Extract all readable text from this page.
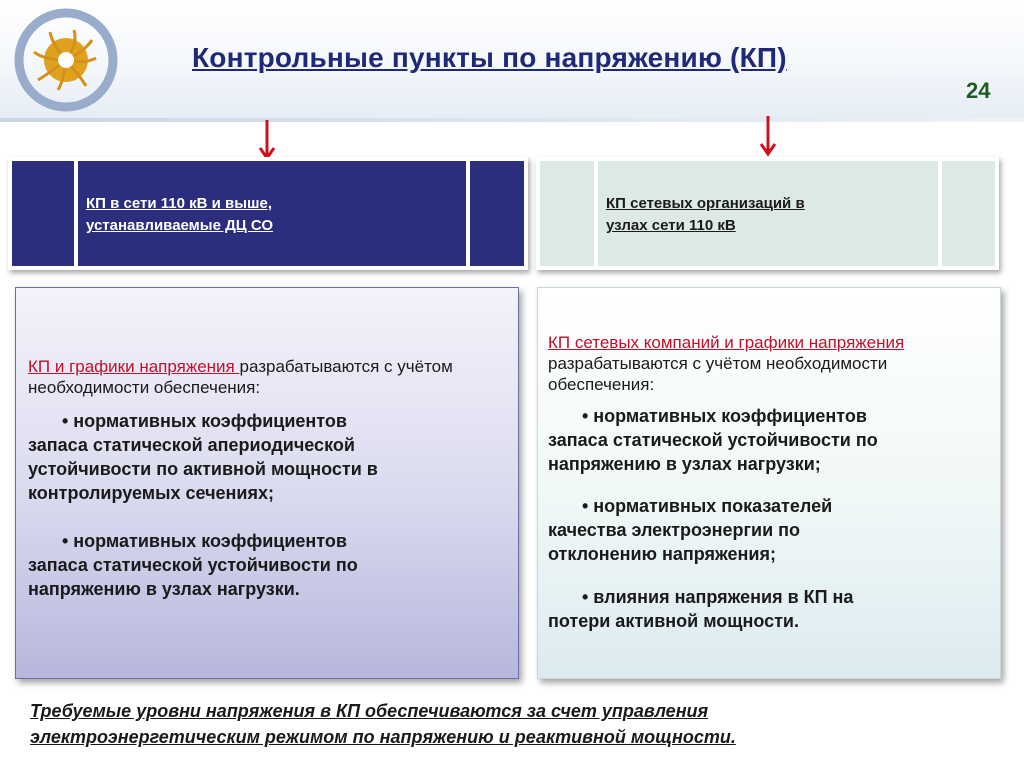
Контрольные пункты по напряжению (КП)
24
КП в сети 110 кВ и выше,
устанавливаемые ДЦ СО
КП сетевых организаций в
узлах сети 110 кВ
КП и графики напряжения разрабатываются с учётом необходимости обеспечения:
• нормативных коэффициентов
запаса статической апериодической
устойчивости по активной мощности в
контролируемых сечениях;
• нормативных коэффициентов
запаса статической устойчивости по
напряжению в узлах нагрузки.
КП сетевых компаний и графики напряжения
разрабатываются с учётом необходимости обеспечения:
• нормативных коэффициентов
запаса статической устойчивости по
напряжению в узлах нагрузки;
• нормативных показателей
качества электроэнергии по
отклонению напряжения;
• влияния напряжения в КП на
потери активной мощности.
Требуемые уровни напряжения в КП обеспечиваются за счет управления
электроэнергетическим режимом по напряжению и реактивной мощности.
